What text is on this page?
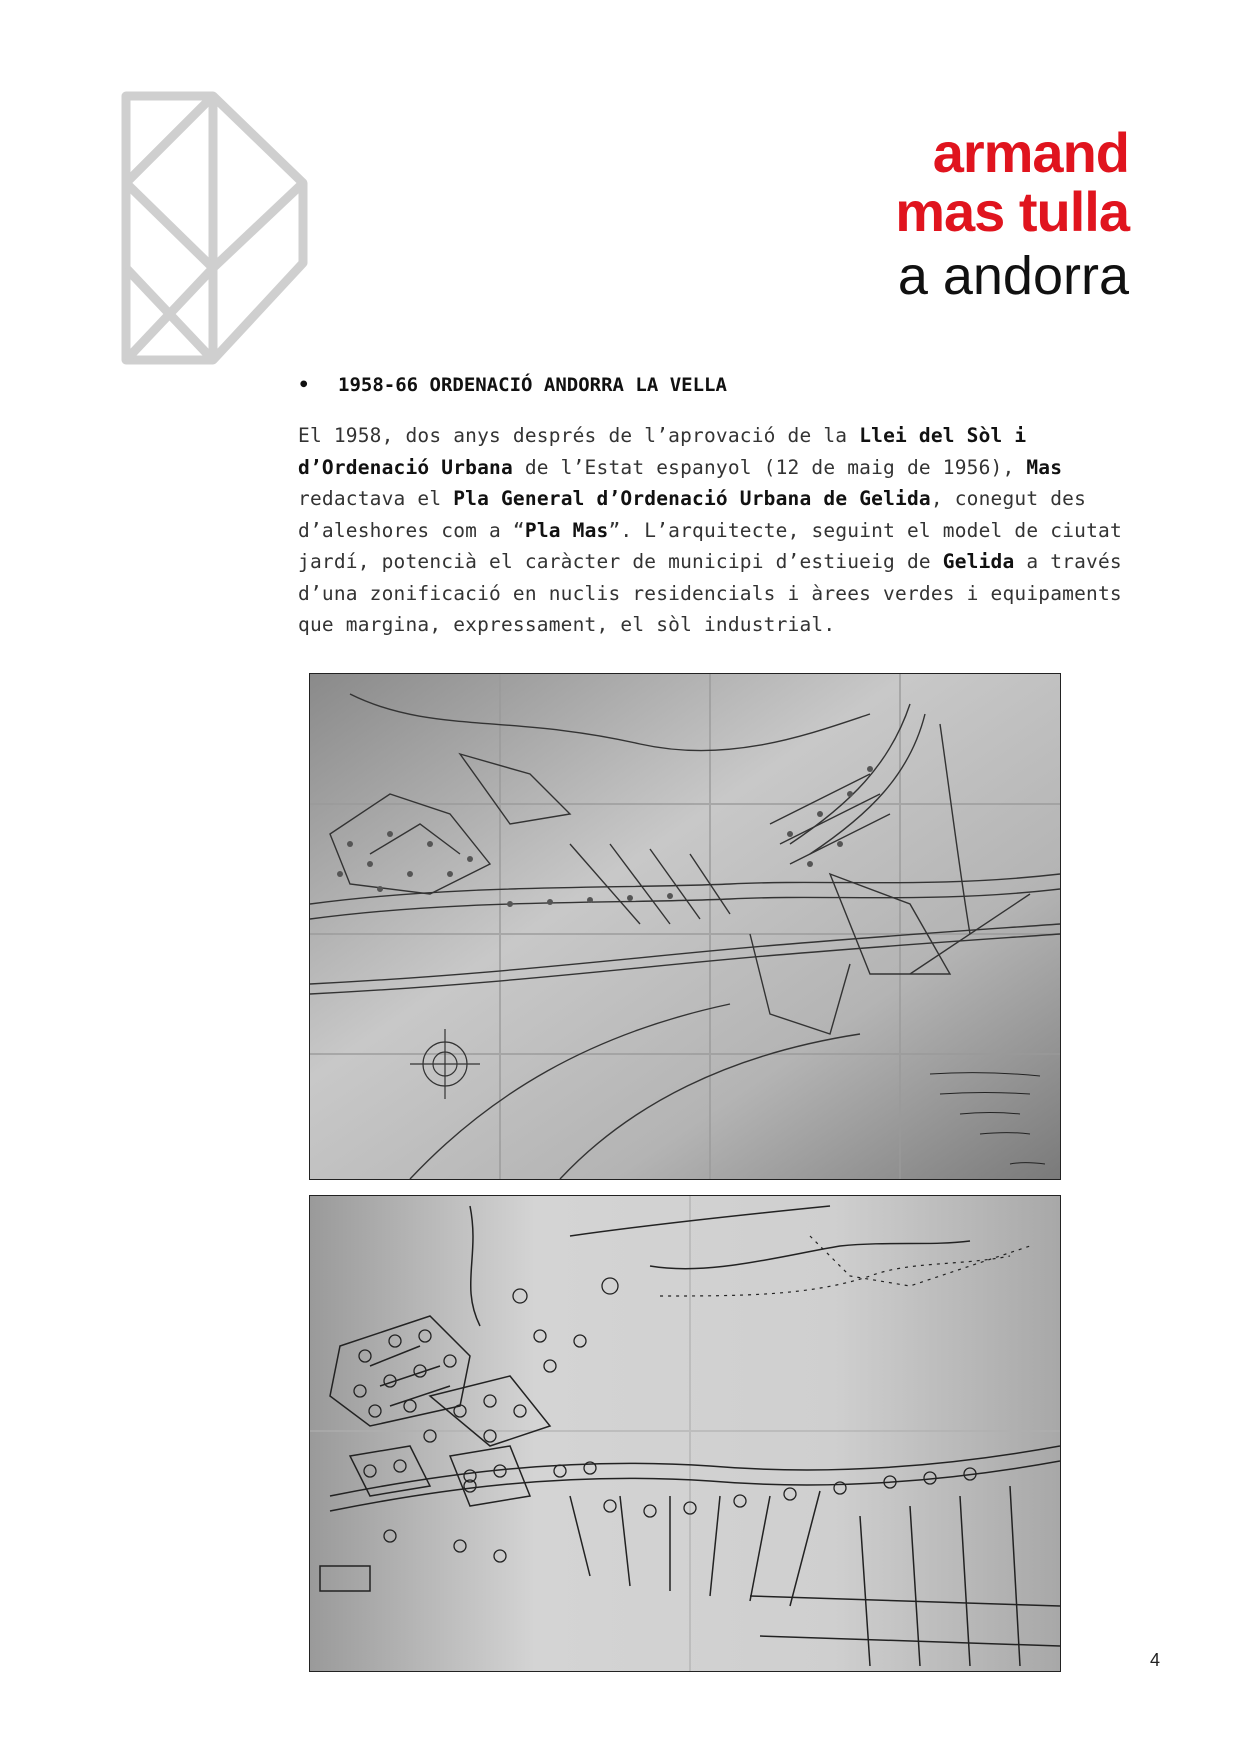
armand
mas tulla
a andorra
• 1958-66 ORDENACIÓ ANDORRA LA VELLA
El 1958, dos anys després de l’aprovació de la Llei del Sòl i d’Ordenació Urbana de l’Estat espanyol (12 de maig de 1956), Mas redactava el Pla General d’Ordenació Urbana de Gelida, conegut des d’aleshores com a “Pla Mas”. L’arquitecte, seguint el model de ciutat jardí, potencià el caràcter de municipi d’estiueig de Gelida a través d’una zonificació en nuclis residencials i àrees verdes i equipaments que margina, expressament, el sòl industrial.
4
